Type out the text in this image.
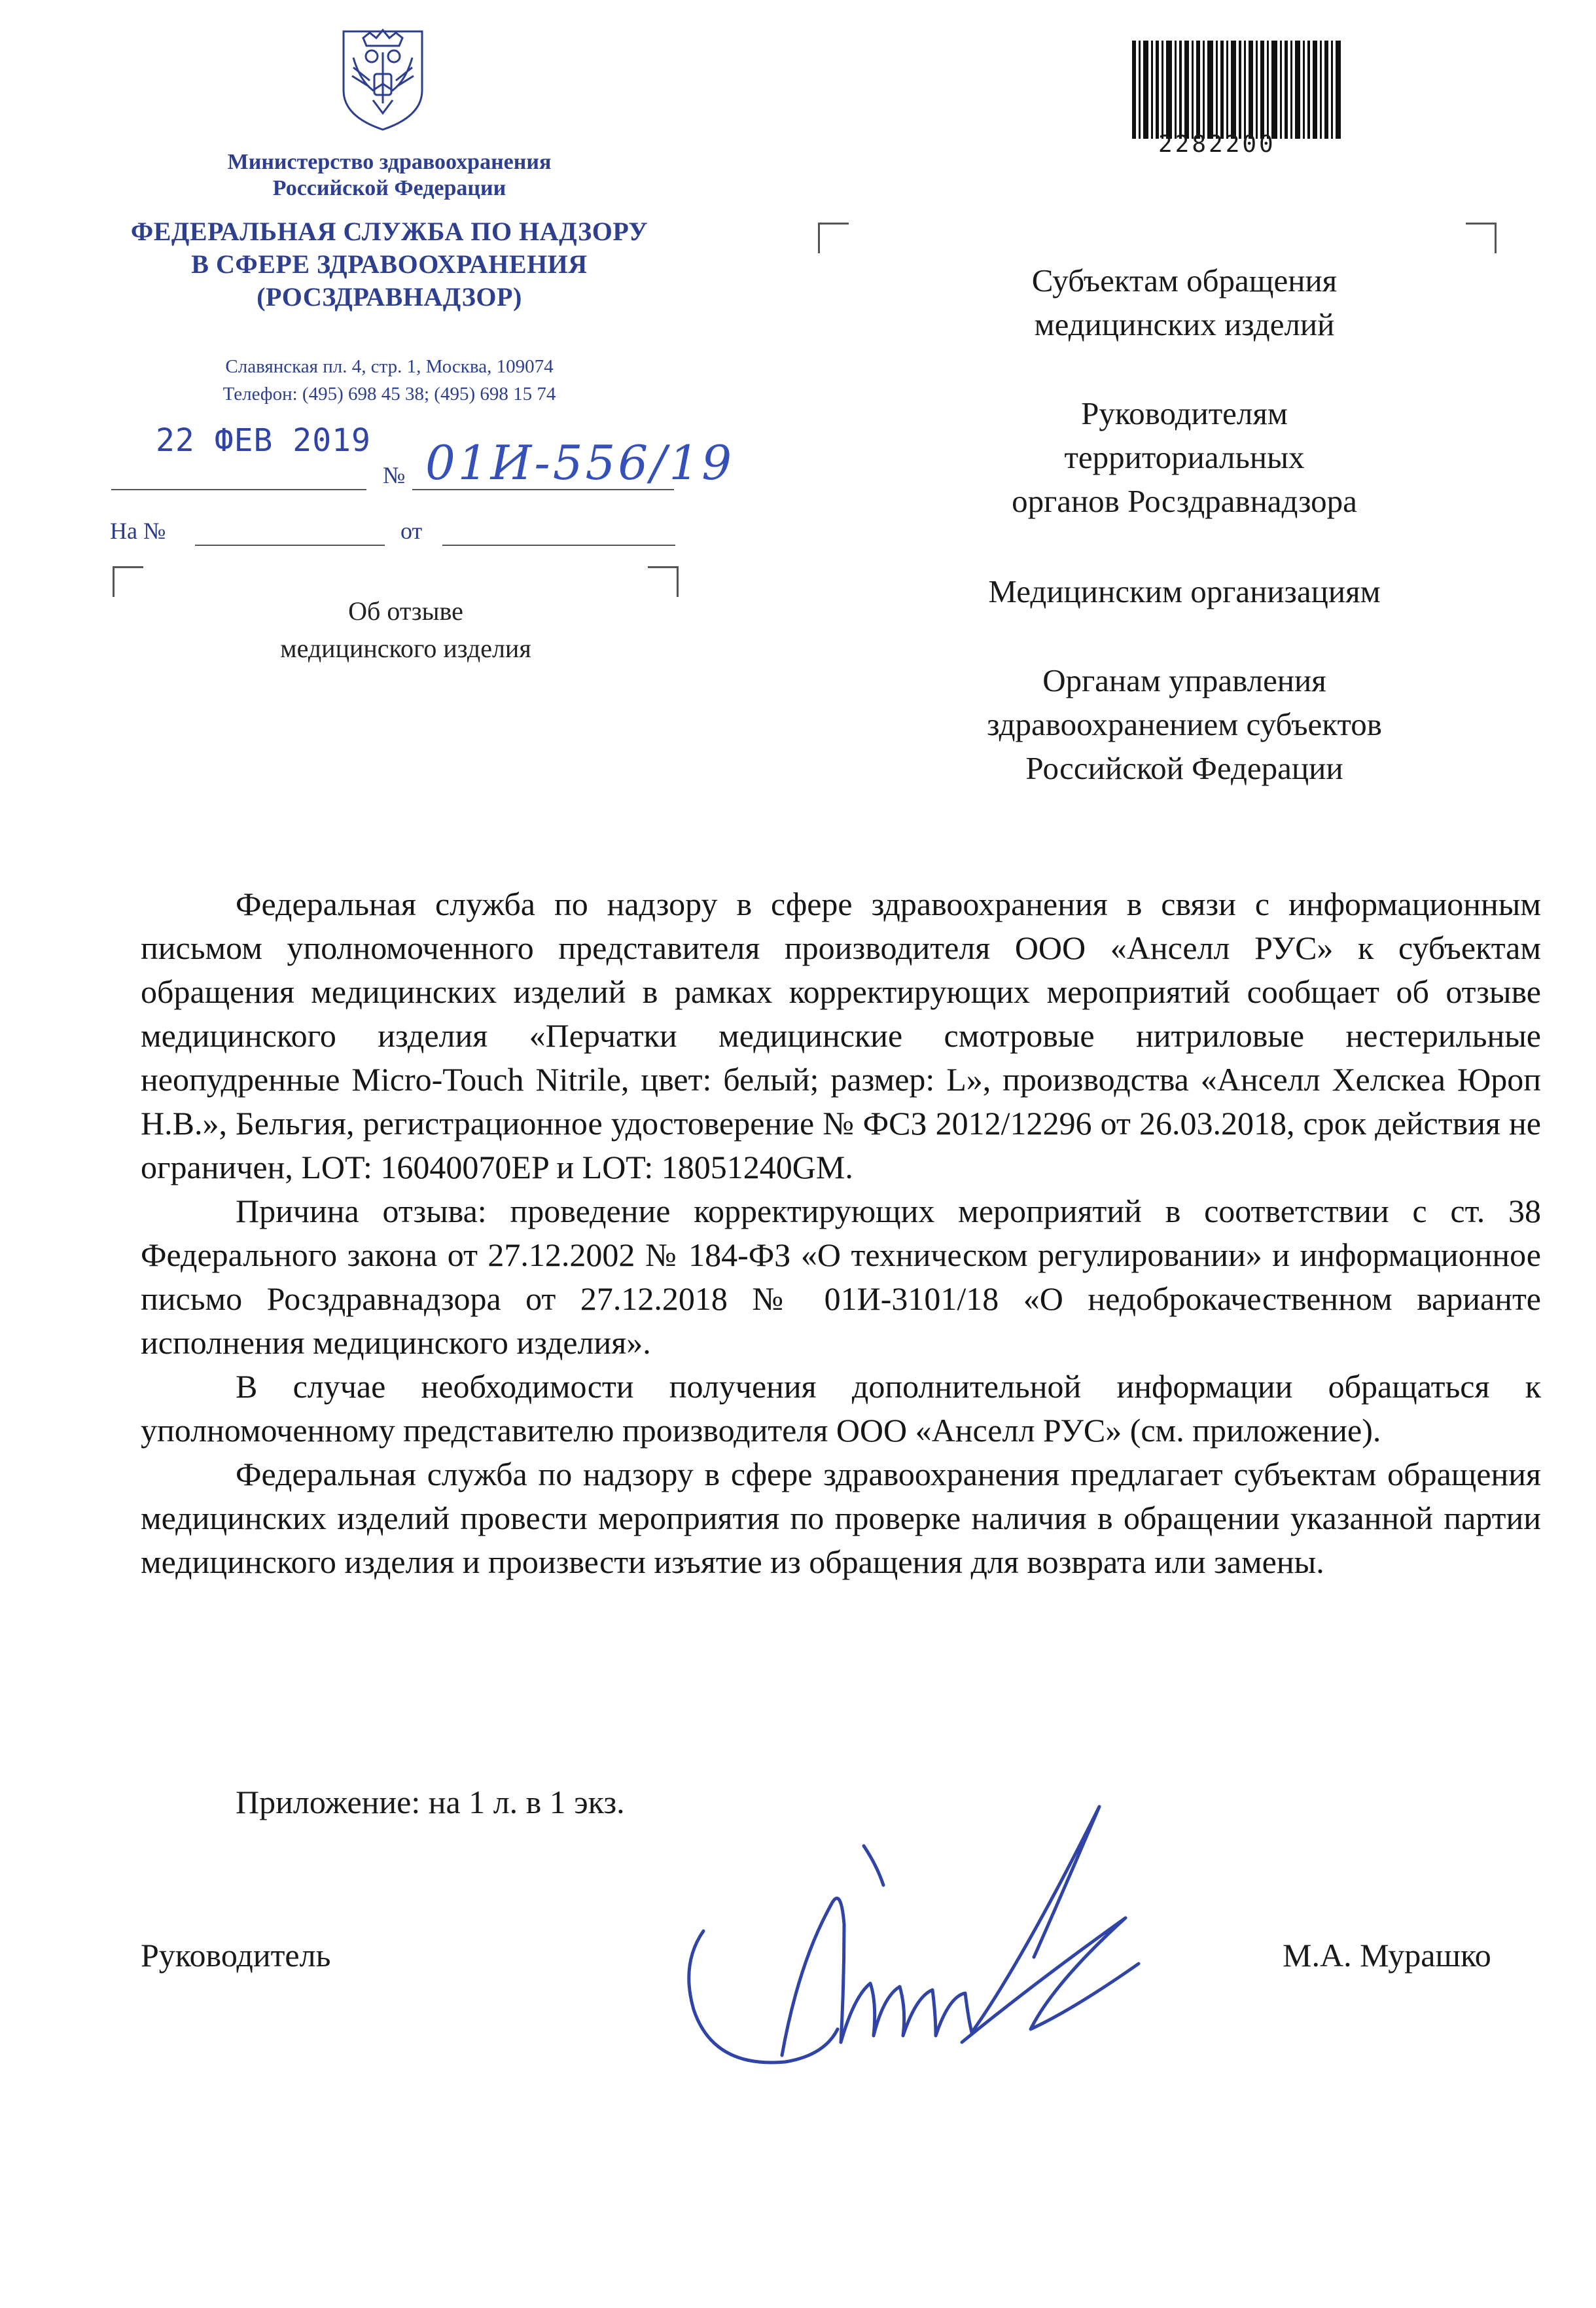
Министерство здравоохранения
Российской Федерации
ФЕДЕРАЛЬНАЯ СЛУЖБА ПО НАДЗОРУ
В СФЕРЕ ЗДРАВООХРАНЕНИЯ
(РОСЗДРАВНАДЗОР)
Славянская пл. 4, стр. 1, Москва, 109074
Телефон: (495) 698 45 38; (495) 698 15 74
22 ФЕВ 2019
№ 01И-556/19
На №	от
Об отзыве
медицинского изделия
2282200
Субъектам обращения
медицинских изделий
Руководителям
территориальных
органов Росздравнадзора
Медицинским организациям
Органам управления
здравоохранением субъектов
Российской Федерации

Федеральная служба по надзору в сфере здравоохранения в связи с информационным письмом уполномоченного представителя производителя ООО «Анселл РУС» к субъектам обращения медицинских изделий в рамках корректирующих мероприятий сообщает об отзыве медицинского изделия «Перчатки медицинские смотровые нитриловые нестерильные неопудренные Micro-Touch Nitrile, цвет: белый; размер: L», производства «Анселл Хелскеа Юроп Н.В.», Бельгия, регистрационное удостоверение № ФСЗ 2012/12296 от 26.03.2018, срок действия не ограничен, LOT: 16040070EP и LOT: 18051240GM.

Причина отзыва: проведение корректирующих мероприятий в соответствии с ст. 38 Федерального закона от 27.12.2002 № 184-ФЗ «О техническом регулировании» и информационное письмо Росздравнадзора от 27.12.2018 № 01И-3101/18 «О недоброкачественном варианте исполнения медицинского изделия».

В случае необходимости получения дополнительной информации обращаться к уполномоченному представителю производителя ООО «Анселл РУС» (см. приложение).

Федеральная служба по надзору в сфере здравоохранения предлагает субъектам обращения медицинских изделий провести мероприятия по проверке наличия в обращении указанной партии медицинского изделия и произвести изъятие из обращения для возврата или замены.

Приложение: на 1 л. в 1 экз.
Руководитель	М.А. Мурашко
